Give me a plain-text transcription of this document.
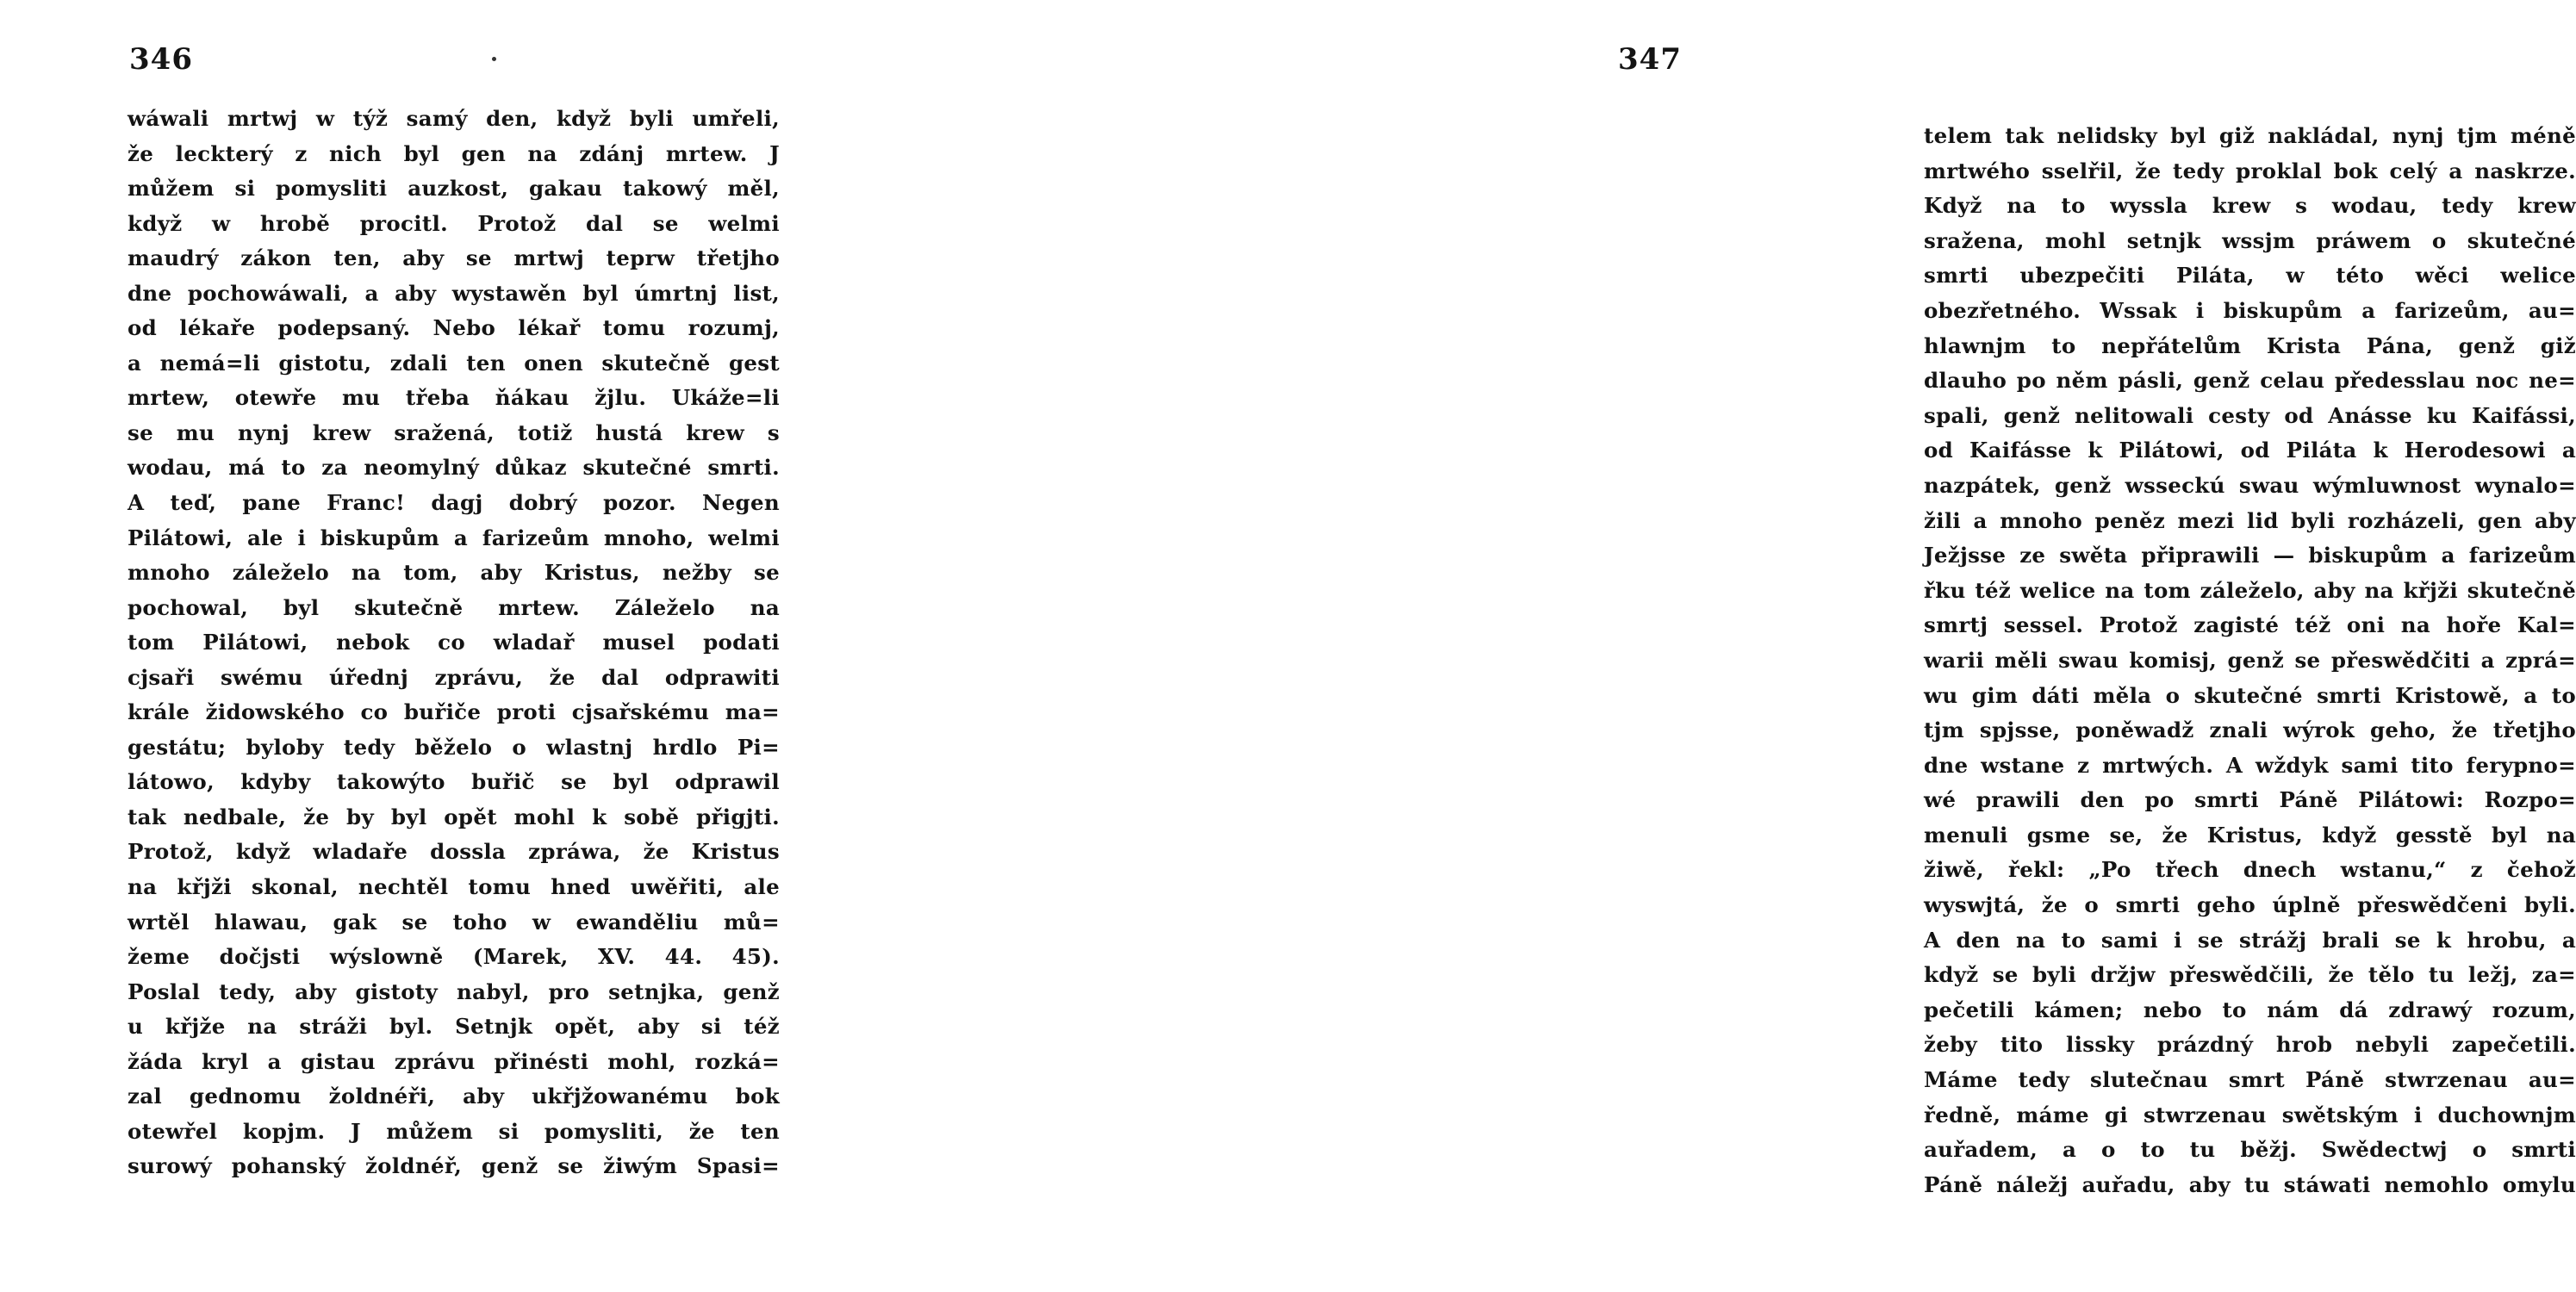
346
wáwali mrtwj w týž samý den, když byli umřeli,
že leckterý z nich byl gen na zdánj mrtew. J
můžem si pomysliti auzkost, gakau takowý měl,
když w hrobě procitl. Protož dal se welmi
maudrý zákon ten, aby se mrtwj teprw třetjho
dne pochowáwali, a aby wystawěn byl úmrtnj list,
od lékaře podepsaný. Nebo lékař tomu rozumj,
a nemá=li gistotu, zdali ten onen skutečně gest
mrtew, otewře mu třeba ňákau žjlu. Ukáže=li
se mu nynj krew sražená, totiž hustá krew s
wodau, má to za neomylný důkaz skutečné smrti.
A teď, pane Franc! dagj dobrý pozor. Negen
Pilátowi, ale i biskupům a farizeům mnoho, welmi
mnoho záleželo na tom, aby Kristus, nežby se
pochowal, byl skutečně mrtew. Záleželo na
tom Pilátowi, nebok co wladař musel podati
cjsaři swému úřednj zprávu, že dal odprawiti
krále židowského co buřiče proti cjsařskému ma=
gestátu; byloby tedy běželo o wlastnj hrdlo Pi=
látowo, kdyby takowýto buřič se byl odprawil
tak nedbale, že by byl opět mohl k sobě přigjti.
Protož, když wladaře dossla zpráwa, že Kristus
na křjži skonal, nechtěl tomu hned uwěřiti, ale
wrtěl hlawau, gak se toho w ewanděliu mů=
žeme dočjsti wýslowně (Marek, XV. 44. 45).
Poslal tedy, aby gistoty nabyl, pro setnjka, genž
u křjže na stráži byl. Setnjk opět, aby si též
žáda kryl a gistau zprávu přinésti mohl, rozká=
zal gednomu žoldnéři, aby ukřjžowanému bok
otewřel kopjm. J můžem si pomysliti, že ten
surowý pohanský žoldnéř, genž se žiwým Spasi=
347
telem tak nelidsky byl giž nakládal, nynj tjm méně
mrtwého sselřil, že tedy proklal bok celý a naskrze.
Když na to wyssla krew s wodau, tedy krew
sražena, mohl setnjk wssjm práwem o skutečné
smrti ubezpečiti Piláta, w této wěci welice
obezřetného. Wssak i biskupům a farizeům, au=
hlawnjm to nepřátelům Krista Pána, genž giž
dlauho po něm pásli, genž celau předesslau noc ne=
spali, genž nelitowali cesty od Anásse ku Kaifássi,
od Kaifásse k Pilátowi, od Piláta k Herodesowi a
nazpátek, genž wsseckú swau wýmluwnost wynalo=
žili a mnoho peněz mezi lid byli rozházeli, gen aby
Ježjsse ze swěta připrawili — biskupům a farizeům
řku též welice na tom záleželo, aby na křjži skutečně
smrtj sessel. Protož zagisté též oni na hoře Kal=
warii měli swau komisj, genž se přeswědčiti a zprá=
wu gim dáti měla o skutečné smrti Kristowě, a to
tjm spjsse, poněwadž znali wýrok geho, že třetjho
dne wstane z mrtwých. A wždyk sami tito ferypno=
wé prawili den po smrti Páně Pilátowi: Rozpo=
menuli gsme se, že Kristus, když gesstě byl na
žiwě, řekl: „Po třech dnech wstanu,“ z čehož
wyswjtá, že o smrti geho úplně přeswědčeni byli.
A den na to sami i se strážj brali se k hrobu, a
když se byli držjw přeswědčili, že tělo tu ležj, za=
pečetili kámen; nebo to nám dá zdrawý rozum,
žeby tito lissky prázdný hrob nebyli zapečetili.
Máme tedy slutečnau smrt Páně stwrzenau au=
ředně, máme gi stwrzenau swětským i duchownjm
auřadem, a o to tu běžj. Swědectwj o smrti
Páně náležj auřadu, aby tu stáwati nemohlo omylu
